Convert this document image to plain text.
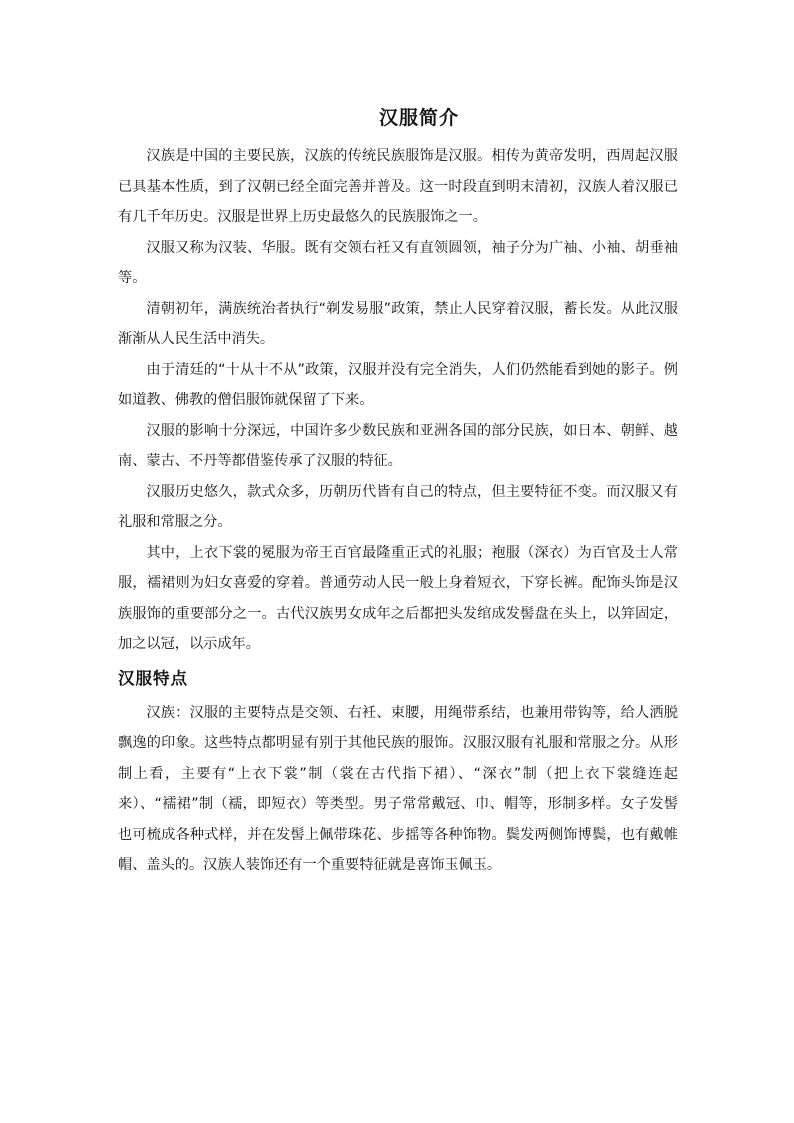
汉服简介

汉族是中国的主要民族，汉族的传统民族服饰是汉服。相传为黄帝发明，西周起汉服已具基本性质，到了汉朝已经全面完善并普及。这一时段直到明末清初，汉族人着汉服已有几千年历史。汉服是世界上历史最悠久的民族服饰之一。

汉服又称为汉装、华服。既有交领右衽又有直领圆领，袖子分为广袖、小袖、胡垂袖等。

清朝初年，满族统治者执行“剃发易服”政策，禁止人民穿着汉服，蓄长发。从此汉服渐渐从人民生活中消失。

由于清廷的“十从十不从”政策，汉服并没有完全消失，人们仍然能看到她的影子。例如道教、佛教的僧侣服饰就保留了下来。

汉服的影响十分深远，中国许多少数民族和亚洲各国的部分民族，如日本、朝鲜、越南、蒙古、不丹等都借鉴传承了汉服的特征。

汉服历史悠久，款式众多，历朝历代皆有自己的特点，但主要特征不变。而汉服又有礼服和常服之分。

其中，上衣下裳的冕服为帝王百官最隆重正式的礼服；袍服（深衣）为百官及士人常服，襦裙则为妇女喜爱的穿着。普通劳动人民一般上身着短衣，下穿长裤。配饰头饰是汉族服饰的重要部分之一。古代汉族男女成年之后都把头发绾成发髻盘在头上，以笄固定，加之以冠，以示成年。

汉服特点

汉族：汉服的主要特点是交领、右衽、束腰，用绳带系结，也兼用带钩等，给人洒脱飘逸的印象。这些特点都明显有别于其他民族的服饰。汉服汉服有礼服和常服之分。从形制上看，主要有“上衣下裳”制（裳在古代指下裙）、“深衣”制（把上衣下裳缝连起来）、“襦裙”制（襦，即短衣）等类型。男子常常戴冠、巾、帽等，形制多样。女子发髻也可梳成各种式样，并在发髻上佩带珠花、步摇等各种饰物。鬓发两侧饰博鬓，也有戴帷帽、盖头的。汉族人装饰还有一个重要特征就是喜饰玉佩玉。
